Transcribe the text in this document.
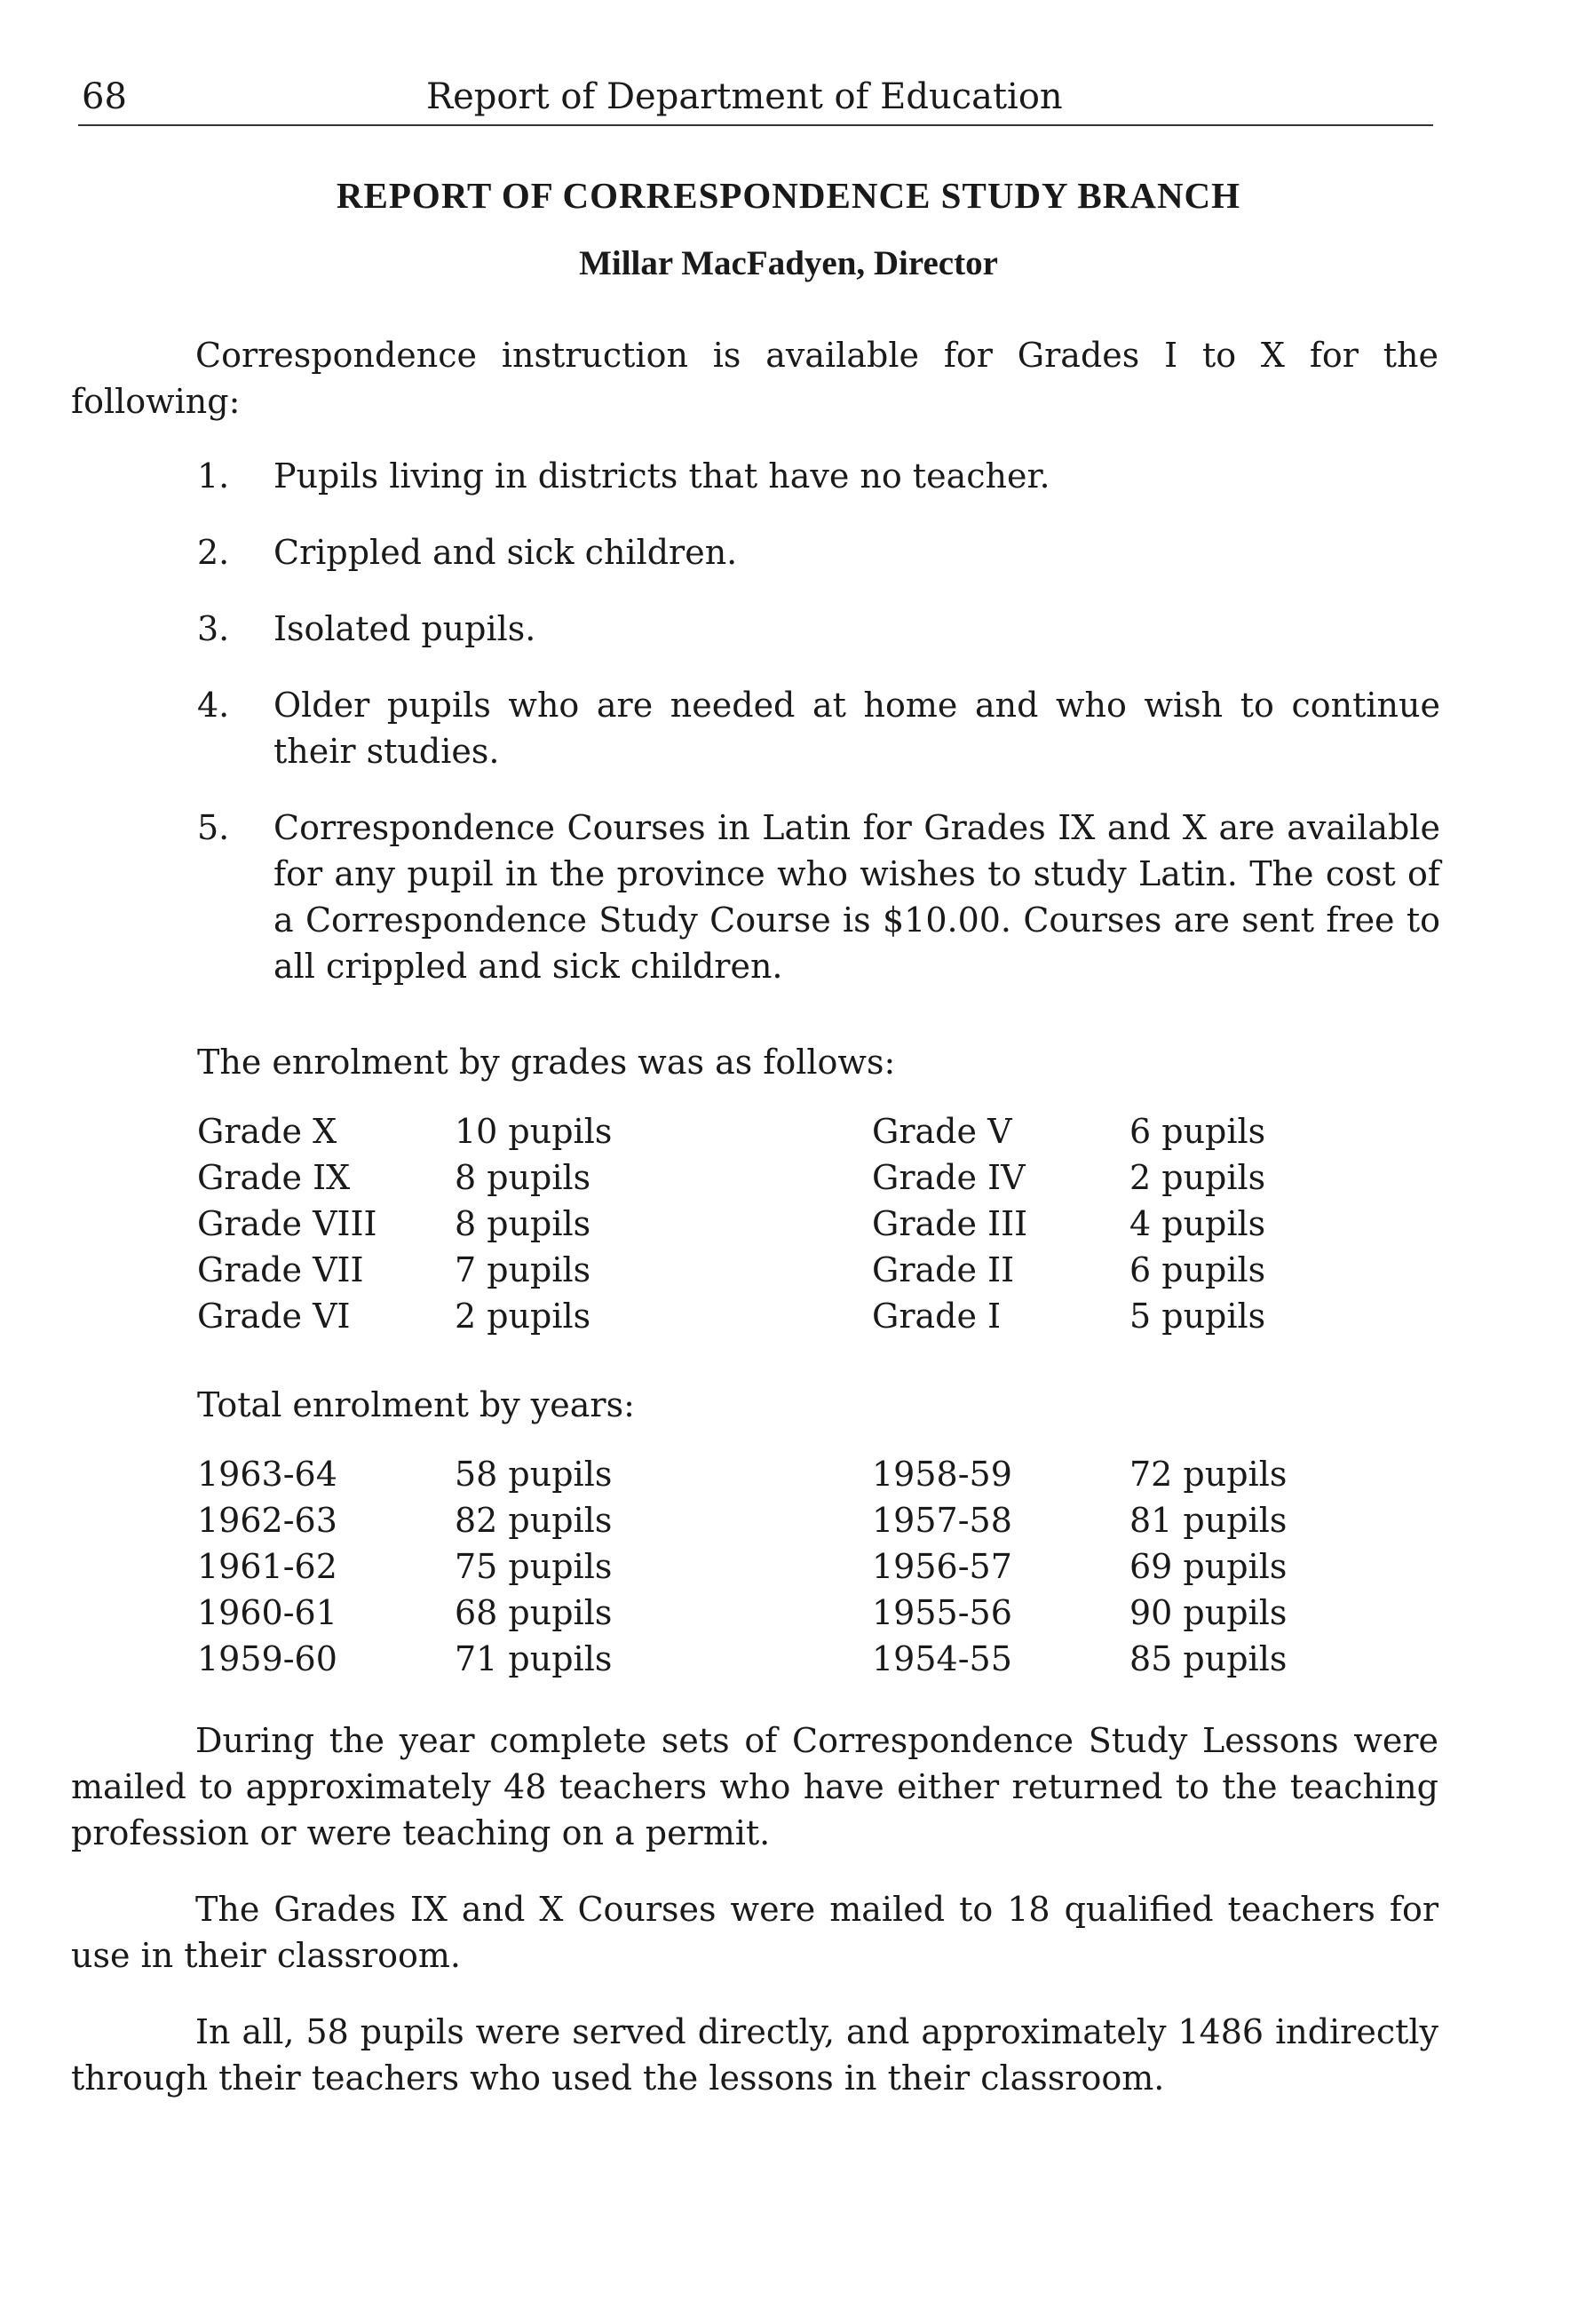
68	Report of Department of Education
REPORT OF CORRESPONDENCE STUDY BRANCH
Millar MacFadyen, Director
Correspondence instruction is available for Grades I to X for the following:
1. Pupils living in districts that have no teacher.
2. Crippled and sick children.
3. Isolated pupils.
4. Older pupils who are needed at home and who wish to continue their studies.
5. Correspondence Courses in Latin for Grades IX and X are available for any pupil in the province who wishes to study Latin. The cost of a Correspondence Study Course is $10.00. Courses are sent free to all crippled and sick children.
The enrolment by grades was as follows:
Grade X	10 pupils	Grade V	6 pupils
Grade IX	8 pupils	Grade IV	2 pupils
Grade VIII 8 pupils	Grade III	4 pupils
Grade VII	7 pupils	Grade II	6 pupils
Grade VI	2 pupils	Grade I	5 pupils
Total enrolment by years:
1963-64	58 pupils	1958-59	72 pupils
1962-63	82 pupils	1957-58	81 pupils
1961-62	75 pupils	1956-57	69 pupils
1960-61	68 pupils	1955-56	90 pupils
1959-60	71 pupils	1954-55	85 pupils
During the year complete sets of Correspondence Study Lessons were mailed to approximately 48 teachers who have either returned to the teaching profession or were teaching on a permit.
The Grades IX and X Courses were mailed to 18 qualified teachers for use in their classroom.
In all, 58 pupils were served directly, and approximately 1486 indirectly through their teachers who used the lessons in their classroom.
